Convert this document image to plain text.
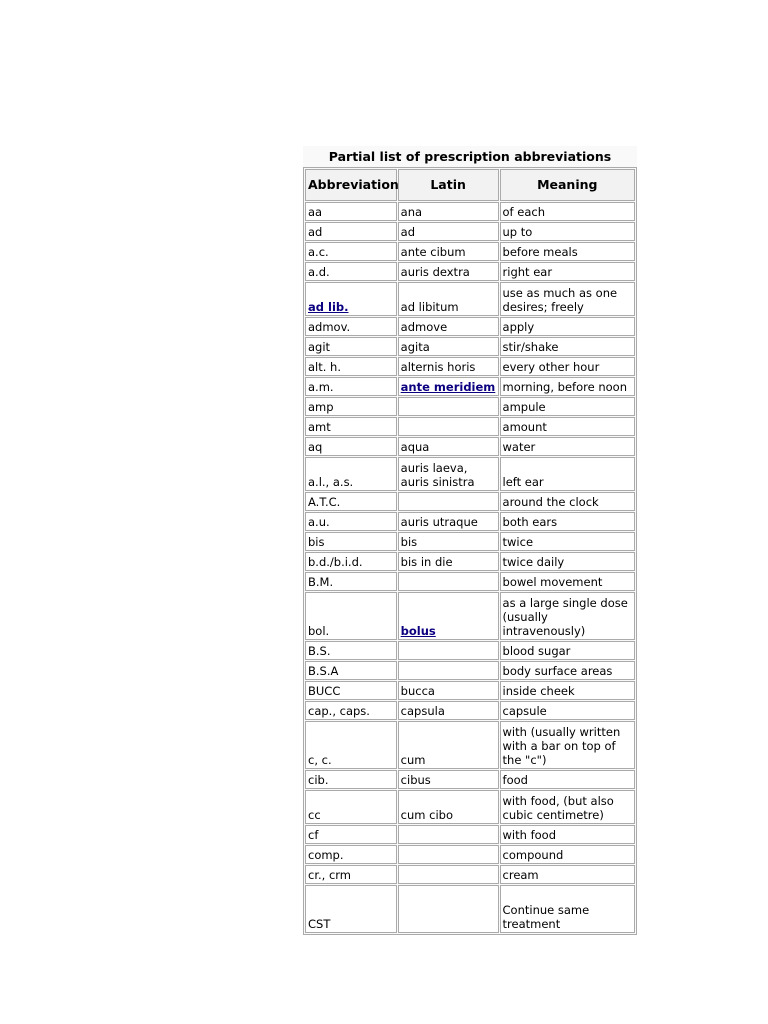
Partial list of prescription abbreviations
Abbreviation	Latin	Meaning
aa	ana	of each
ad	ad	up to
a.c.	ante cibum	before meals
a.d.	auris dextra	right ear
ad lib.	ad libitum	use as much as one desires; freely
admov.	admove	apply
agit	agita	stir/shake
alt. h.	alternis horis	every other hour
a.m.	ante meridiem	morning, before noon
amp		ampule
amt		amount
aq	aqua	water
a.l., a.s.	auris laeva, auris sinistra	left ear
A.T.C.		around the clock
a.u.	auris utraque	both ears
bis	bis	twice
b.d./b.i.d.	bis in die	twice daily
B.M.		bowel movement
bol.	bolus	as a large single dose (usually intravenously)
B.S.		blood sugar
B.S.A		body surface areas
BUCC	bucca	inside cheek
cap., caps.	capsula	capsule
c, c.	cum	with (usually written with a bar on top of the "c")
cib.	cibus	food
cc	cum cibo	with food, (but also cubic centimetre)
cf		with food
comp.		compound
cr., crm		cream
CST		Continue same treatment
